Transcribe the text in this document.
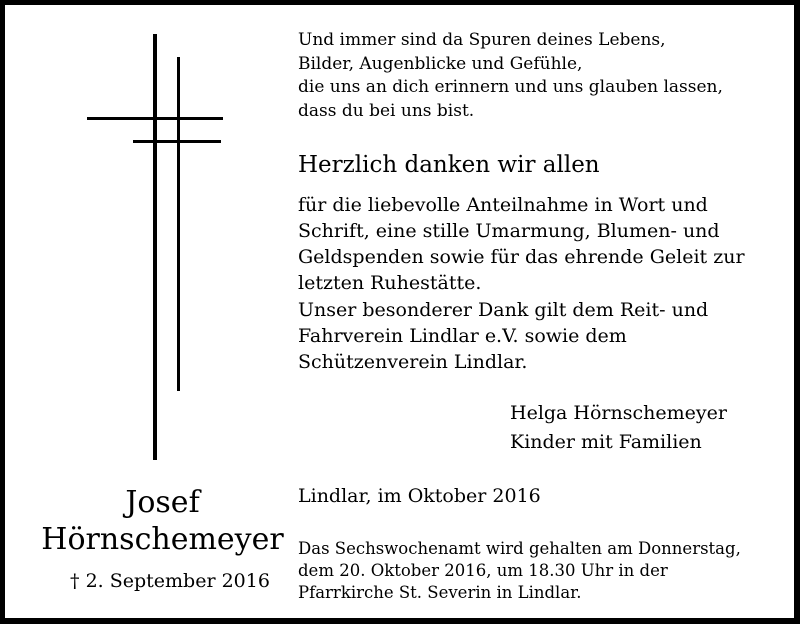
Und immer sind da Spuren deines Lebens,
Bilder, Augenblicke und Gefühle,
die uns an dich erinnern und uns glauben lassen,
dass du bei uns bist.
Herzlich danken wir allen
für die liebevolle Anteilnahme in Wort und
Schrift, eine stille Umarmung, Blumen- und
Geldspenden sowie für das ehrende Geleit zur
letzten Ruhestätte.
Unser besonderer Dank gilt dem Reit- und
Fahrverein Lindlar e.V. sowie dem
Schützenverein Lindlar.
Helga Hörnschemeyer
Kinder mit Familien
Josef
Hörnschemeyer
† 2. September 2016
Lindlar, im Oktober 2016
Das Sechswochenamt wird gehalten am Donnerstag,
dem 20. Oktober 2016, um 18.30 Uhr in der
Pfarrkirche St. Severin in Lindlar.
